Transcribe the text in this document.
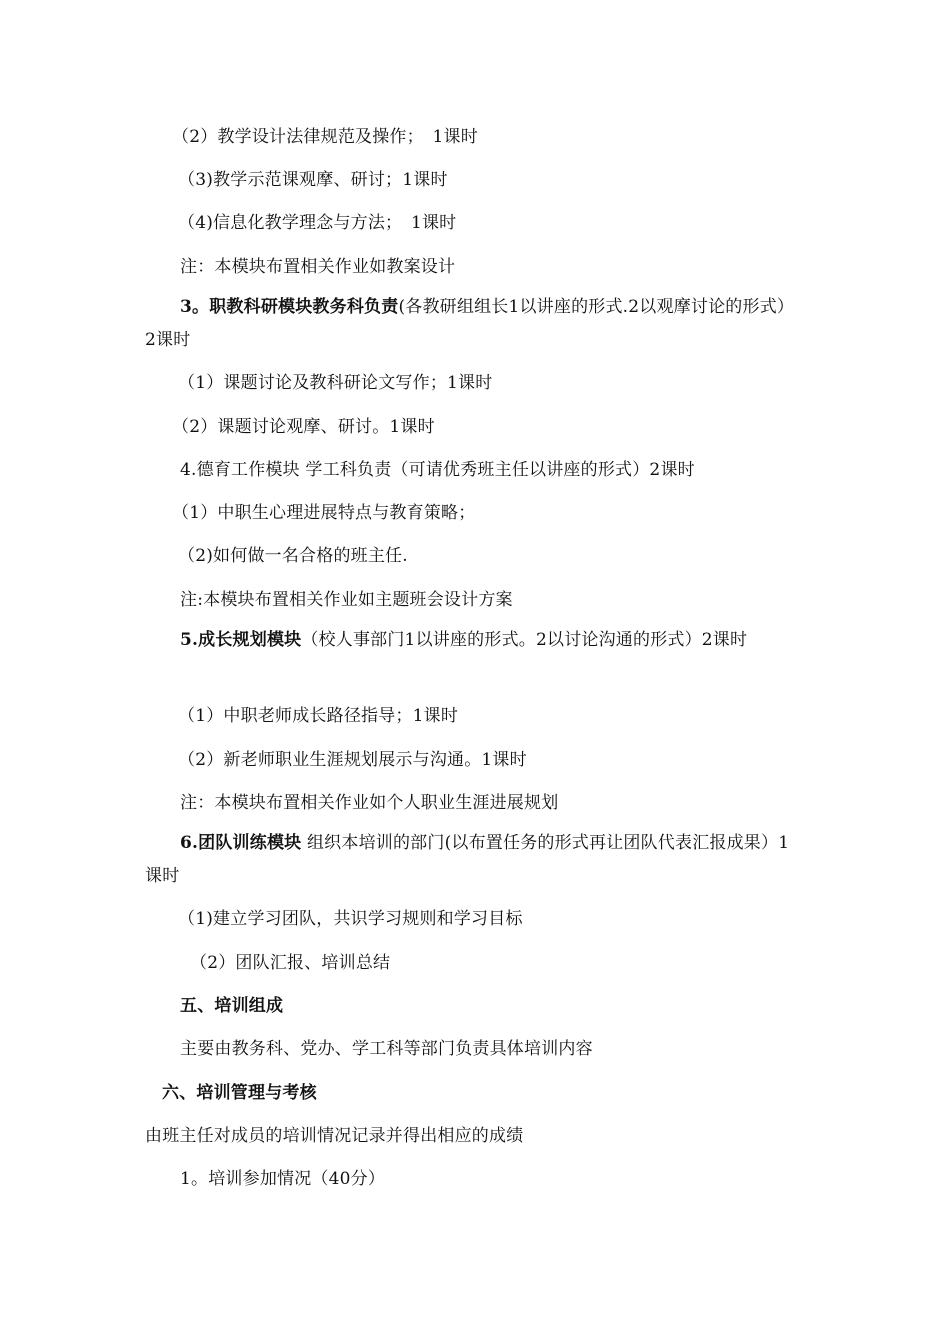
（2）教学设计法律规范及操作；　1课时
（3)教学示范课观摩、研讨；1课时
（4)信息化教学理念与方法；　1课时
注：本模块布置相关作业如教案设计
3。职教科研模块教务科负责(各教研组组长1以讲座的形式.2以观摩讨论的形式）2课时
（1）课题讨论及教科研论文写作；1课时
（2）课题讨论观摩、研讨。1课时
4.德育工作模块 学工科负责（可请优秀班主任以讲座的形式）2课时
（1）中职生心理进展特点与教育策略；
（2)如何做一名合格的班主任.
注:本模块布置相关作业如主题班会设计方案
5.成长规划模块（校人事部门1以讲座的形式。2以讨论沟通的形式）2课时
（1）中职老师成长路径指导；1课时
（2）新老师职业生涯规划展示与沟通。1课时
注：本模块布置相关作业如个人职业生涯进展规划
6.团队训练模块 组织本培训的部门(以布置任务的形式再让团队代表汇报成果）1课时
（1)建立学习团队，共识学习规则和学习目标
（2）团队汇报、培训总结
五、培训组成
主要由教务科、党办、学工科等部门负责具体培训内容
六、培训管理与考核
由班主任对成员的培训情况记录并得出相应的成绩
1。培训参加情况（40分）
